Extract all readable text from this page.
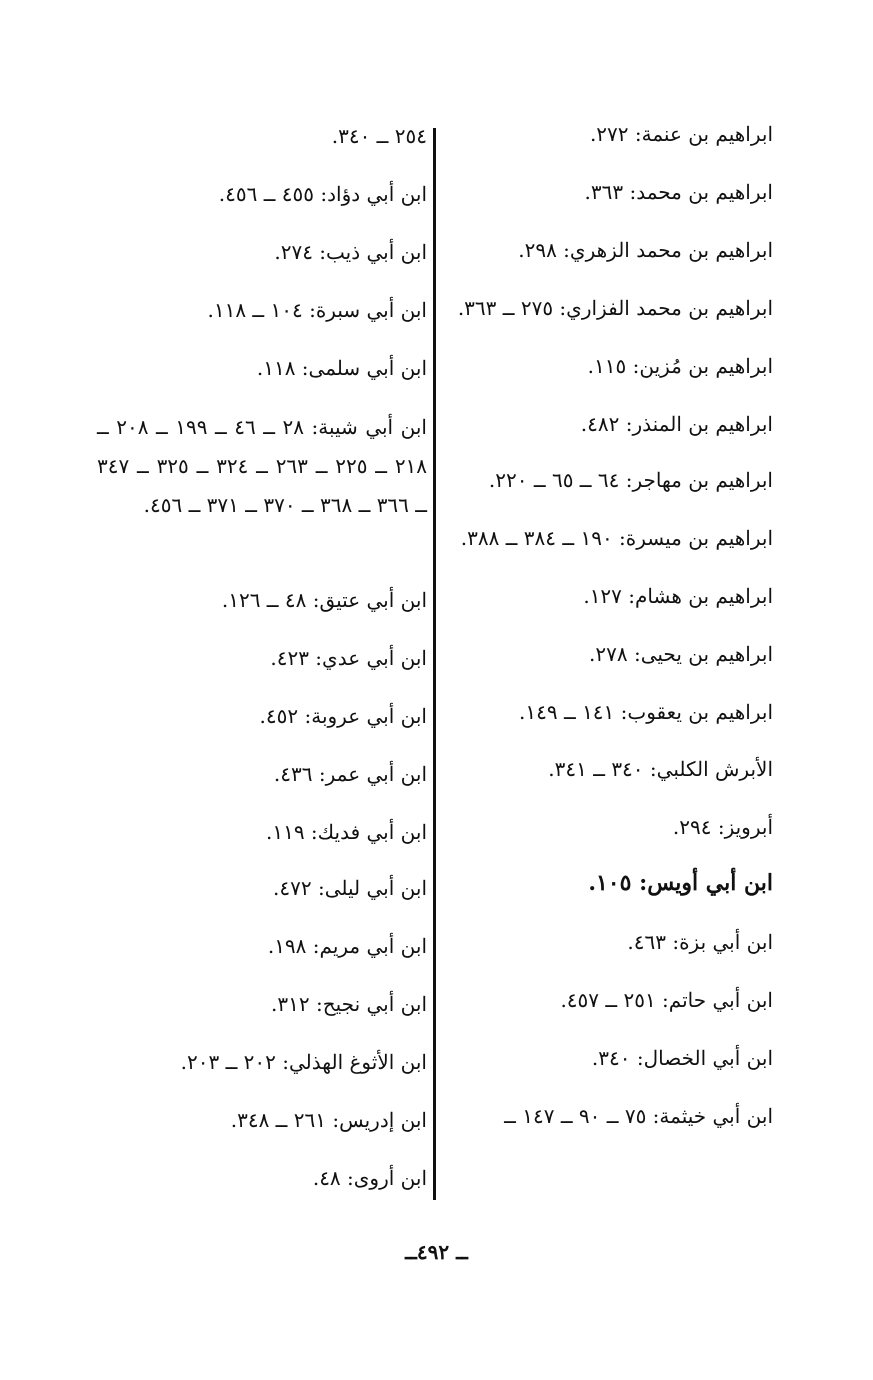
ابراهيم بن عنمة: ٢٧٢.
ابراهيم بن محمد: ٣٦٣.
ابراهيم بن محمد الزهري: ٢٩٨.
ابراهيم بن محمد الفزاري: ٢٧٥ ــ ٣٦٣.
ابراهيم بن مُزين: ١١٥.
ابراهيم بن المنذر: ٤٨٢.
ابراهيم بن مهاجر: ٦٤ ــ ٦٥ ــ ٢٢٠.
ابراهيم بن ميسرة: ١٩٠ ــ ٣٨٤ ــ ٣٨٨.
ابراهيم بن هشام: ١٢٧.
ابراهيم بن يحيى: ٢٧٨.
ابراهيم بن يعقوب: ١٤١ ــ ١٤٩.
الأبرش الكلبي: ٣٤٠ ــ ٣٤١.
أبرويز: ٢٩٤.
ابن أبي أويس: ١٠٥.
ابن أبي بزة: ٤٦٣.
ابن أبي حاتم: ٢٥١ ــ ٤٥٧.
ابن أبي الخصال: ٣٤٠.
ابن أبي خيثمة: ٧٥ ــ ٩٠ ــ ١٤٧ ــ
٢٥٤ ــ ٣٤٠.
ابن أبي دؤاد: ٤٥٥ ــ ٤٥٦.
ابن أبي ذيب: ٢٧٤.
ابن أبي سبرة: ١٠٤ ــ ١١٨.
ابن أبي سلمى: ١١٨.
ابن أبي شيبة: ٢٨ ــ ٤٦ ــ ١٩٩ ــ ٢٠٨ ــ ٢١٨ ــ ٢٢٥ ــ ٢٦٣ ــ ٣٢٤ ــ ٣٢٥ ــ ٣٤٧ ــ ٣٦٦ ــ ٣٦٨ ــ ٣٧٠ ــ ٣٧١ ــ ٤٥٦.
ابن أبي عتيق: ٤٨ ــ ١٢٦.
ابن أبي عدي: ٤٢٣.
ابن أبي عروبة: ٤٥٢.
ابن أبي عمر: ٤٣٦.
ابن أبي فديك: ١١٩.
ابن أبي ليلى: ٤٧٢.
ابن أبي مريم: ١٩٨.
ابن أبي نجيح: ٣١٢.
ابن الأثوغ الهذلي: ٢٠٢ ــ ٢٠٣.
ابن إدريس: ٢٦١ ــ ٣٤٨.
ابن أروى: ٤٨.
ــ ٤٩٢ــ
